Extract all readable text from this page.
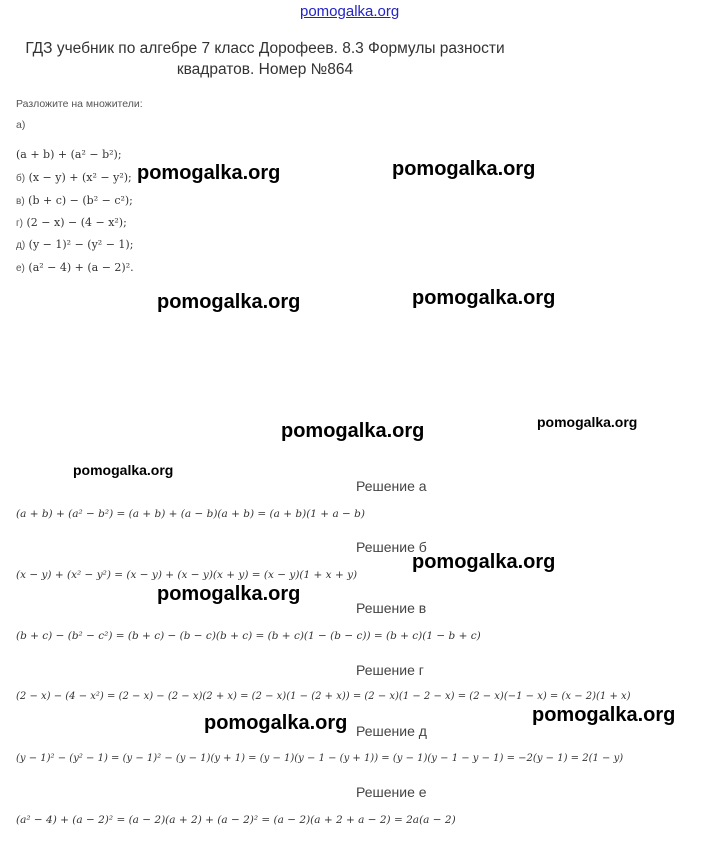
pomogalka.org
ГДЗ учебник по алгебре 7 класс Дорофеев. 8.3 Формулы разности квадратов. Номер №864
Разложите на множители:
а)
(a + b) + (a² − b²);
б) (x − y) + (x² − y²);
в) (b + c) − (b² − c²);
г) (2 − x) − (4 − x²);
д) (y − 1)² − (y² − 1);
е) (a² − 4) + (a − 2)².
Решение а
(a + b) + (a² − b²) = (a + b) + (a − b)(a + b) = (a + b)(1 + a − b)
Решение б
(x − y) + (x² − y²) = (x − y) + (x − y)(x + y) = (x − y)(1 + x + y)
Решение в
(b + c) − (b² − c²) = (b + c) − (b − c)(b + c) = (b + c)(1 − (b − c)) = (b + c)(1 − b + c)
Решение г
(2 − x) − (4 − x²) = (2 − x) − (2 − x)(2 + x) = (2 − x)(1 − (2 + x)) = (2 − x)(1 − 2 − x) = (2 − x)(−1 − x) = (x − 2)(1 + x)
Решение д
(y − 1)² − (y² − 1) = (y − 1)² − (y − 1)(y + 1) = (y − 1)(y − 1 − (y + 1)) = (y − 1)(y − 1 − y − 1) = −2(y − 1) = 2(1 − y)
Решение е
(a² − 4) + (a − 2)² = (a − 2)(a + 2) + (a − 2)² = (a − 2)(a + 2 + a − 2) = 2a(a − 2)
pomogalka.org	pomogalka.org
pomogalka.org	pomogalka.org
pomogalka.org	pomogalka.org
pomogalka.org
pomogalka.org
pomogalka.org
pomogalka.org	pomogalka.org
